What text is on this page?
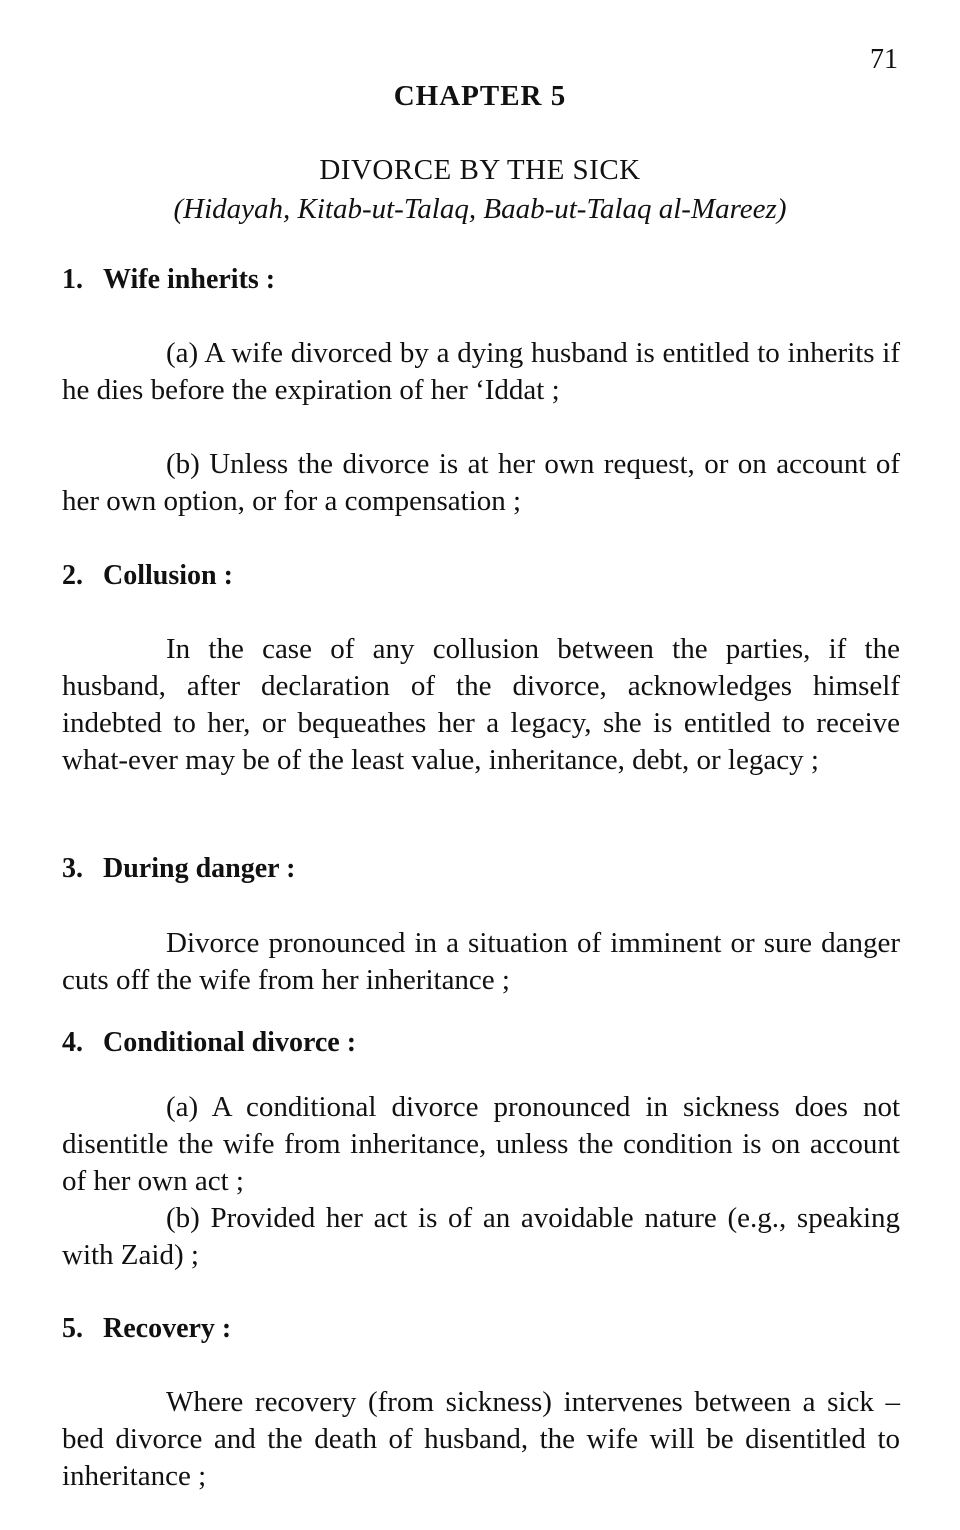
71
CHAPTER 5
DIVORCE BY THE SICK
(Hidayah, Kitab-ut-Talaq, Baab-ut-Talaq al-Mareez)
1. Wife inherits :
(a) A wife divorced by a dying husband is entitled to inherits if he dies before the expiration of her ‘Iddat ;
(b) Unless the divorce is at her own request, or on account of her own option, or for a compensation ;
2. Collusion :
In the case of any collusion between the parties, if the husband, after declaration of the divorce, acknowledges himself indebted to her, or bequeathes her a legacy, she is entitled to receive what-ever may be of the least value, inheritance, debt, or legacy ;
3. During danger :
Divorce pronounced in a situation of imminent or sure danger cuts off the wife from her inheritance ;
4. Conditional divorce :
(a) A conditional divorce pronounced in sickness does not disentitle the wife from inheritance, unless the condition is on account of her own act ;
(b) Provided her act is of an avoidable nature (e.g., speaking with Zaid) ;
5. Recovery :
Where recovery (from sickness) intervenes between a sick – bed divorce and the death of husband, the wife will be disentitled to inheritance ;
